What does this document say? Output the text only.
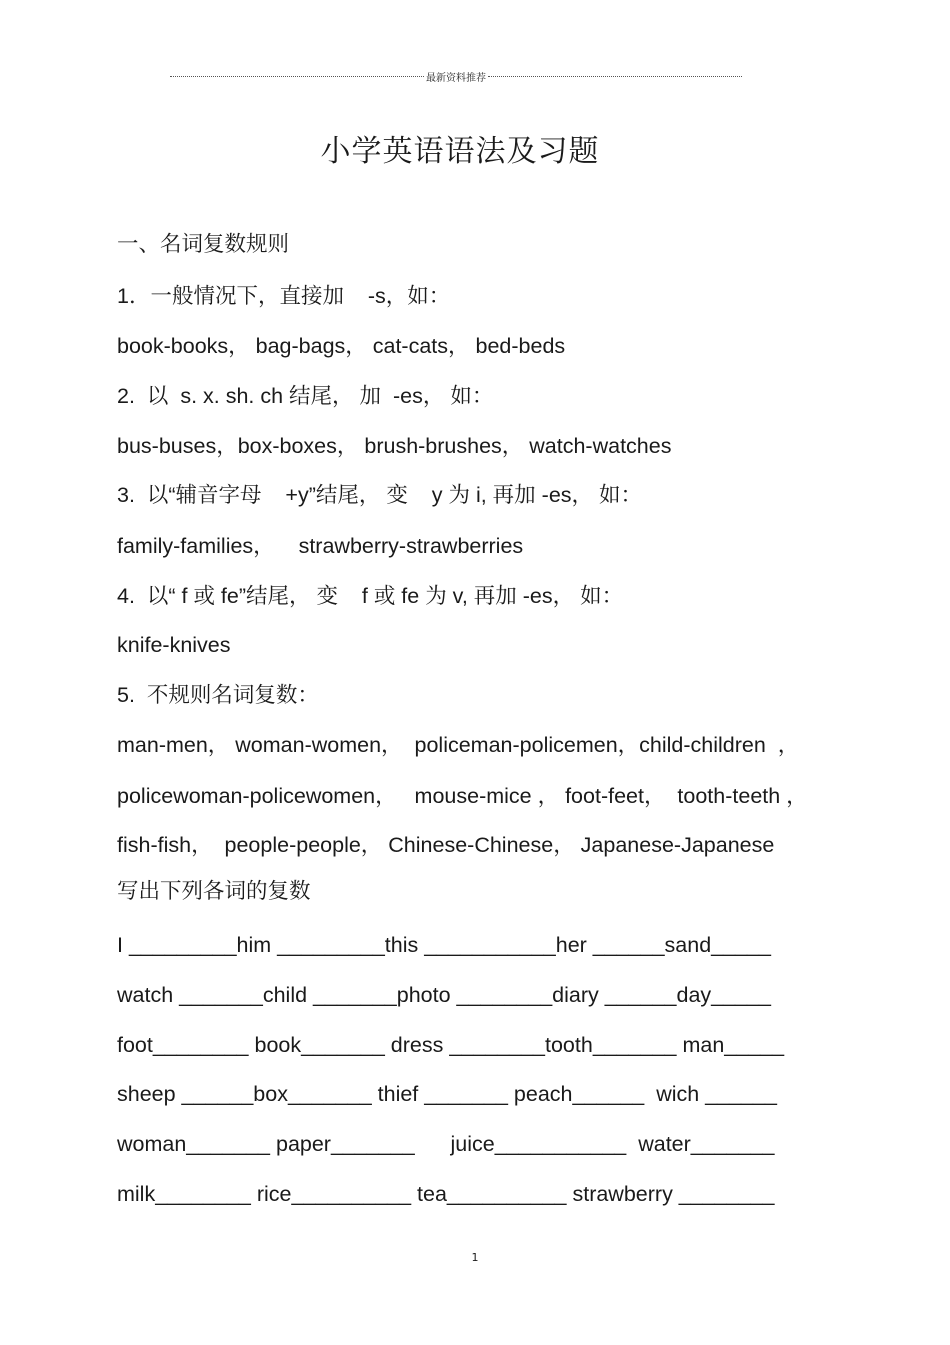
最新资料推荐
小学英语语法及习题

一、名词复数规则

1．一般情况下，直接加    -s，如：

book-books， bag-bags， cat-cats， bed-beds

2.  以  s. x. sh. ch 结尾， 加  -es， 如：

bus-buses，box-boxes， brush-brushes， watch-watches

3.  以“辅音字母    +y”结尾， 变    y 为 i, 再加 -es， 如：

family-families，    strawberry-strawberries

4.  以“ f 或 fe”结尾， 变    f 或 fe 为 v, 再加 -es， 如：

knife-knives

5.  不规则名词复数：

man-men， woman-women，  policeman-policemen，child-children  ，

policewoman-policewomen，   mouse-mice ， foot-feet，  tooth-teeth ，

fish-fish，  people-people， Chinese-Chinese， Japanese-Japanese

写出下列各词的复数

I _________him _________this ___________her ______sand_____

watch _______child _______photo ________diary ______day_____

foot________ book_______ dress ________tooth_______ man_____

sheep ______box_______ thief _______ peach______  wich ______

woman_______ paper_______      juice___________  water_______

milk________ rice__________ tea__________ strawberry ________

1
